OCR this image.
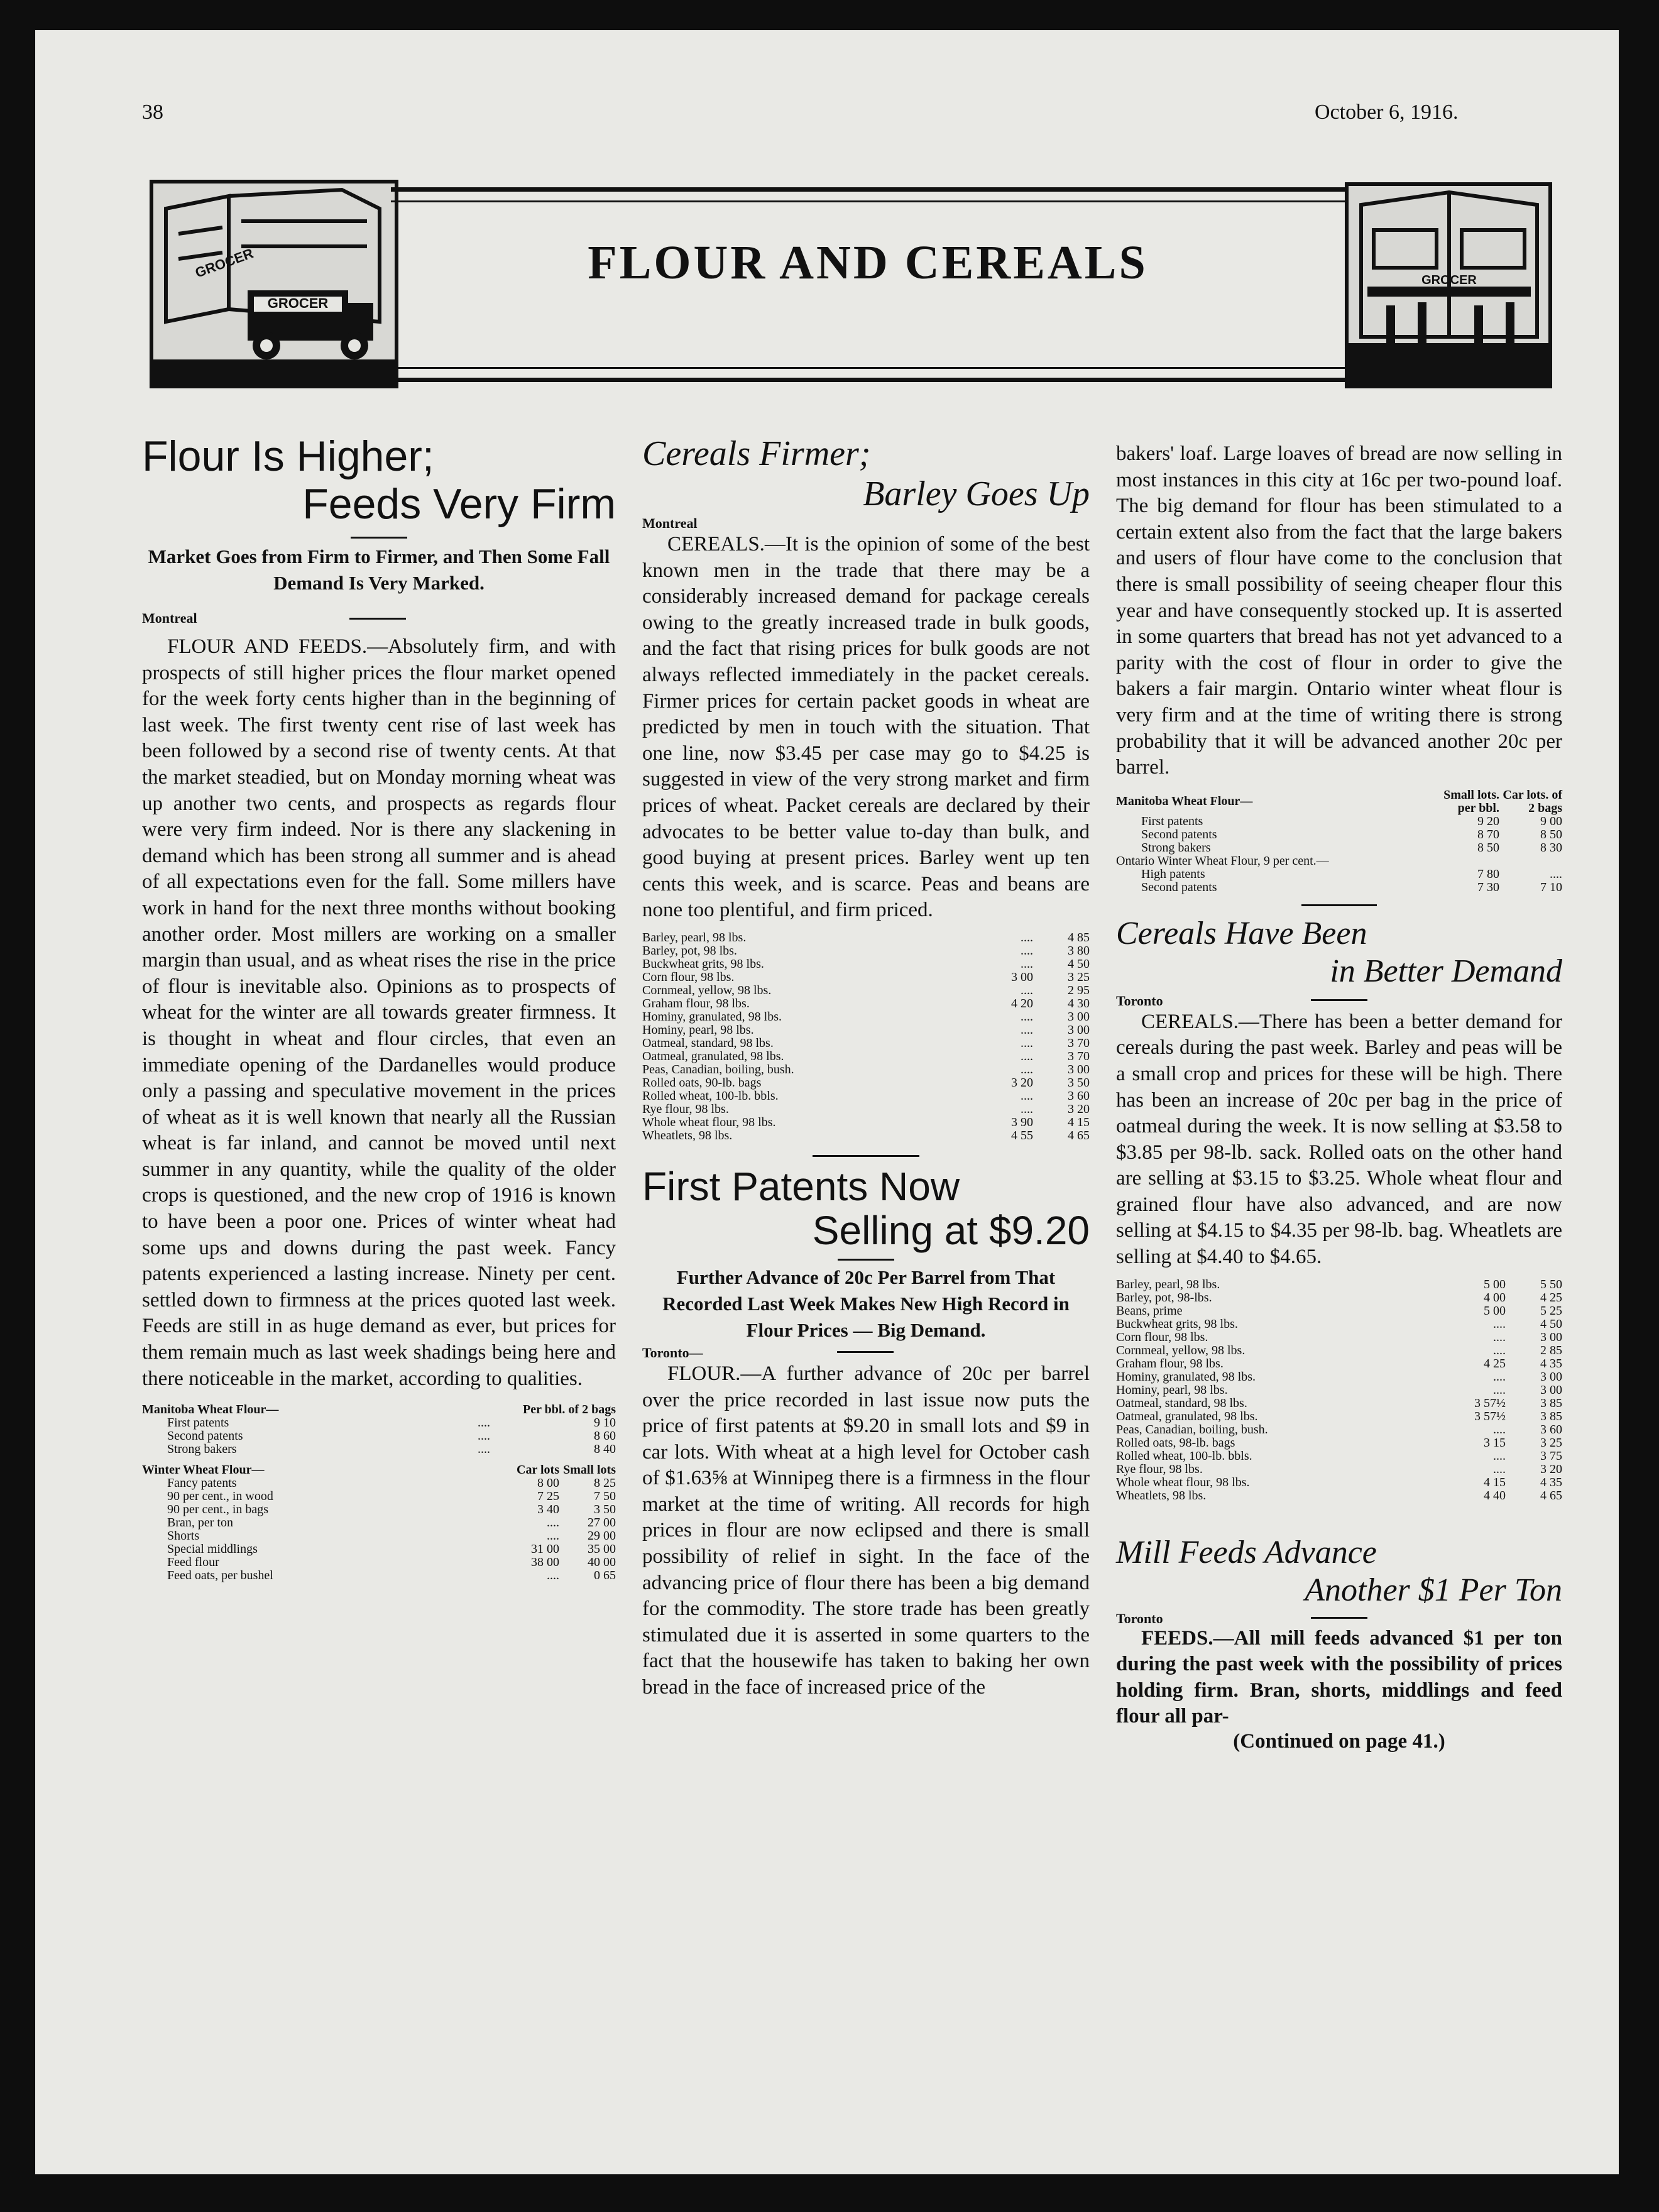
38	October 6, 1916.
GROCER
GROCER	FLOUR AND CEREALS	GROCER
Flour Is Higher;
Feeds Very Firm
Market Goes from Firm to Firmer, and Then Some Fall Demand Is Very Marked.
Montreal

FLOUR AND FEEDS.—Absolutely firm, and with prospects of still higher prices the flour market opened for the week forty cents higher than in the beginning of last week. The first twenty cent rise of last week has been followed by a second rise of twenty cents. At that the market steadied, but on Monday morning wheat was up another two cents, and prospects as regards flour were very firm indeed. Nor is there any slackening in demand which has been strong all summer and is ahead of all expectations even for the fall. Some millers have work in hand for the next three months without booking another order. Most millers are working on a smaller margin than usual, and as wheat rises the rise in the price of flour is inevitable also. Opinions as to prospects of wheat for the winter are all towards greater firmness. It is thought in wheat and flour circles, that even an immediate opening of the Dardanelles would produce only a passing and speculative movement in the prices of wheat as it is well known that nearly all the Russian wheat is far inland, and cannot be moved until next summer in any quantity, while the quality of the older crops is questioned, and the new crop of 1916 is known to have been a poor one. Prices of winter wheat had some ups and downs during the past week. Fancy patents experienced a lasting increase. Ninety per cent. settled down to firmness at the prices quoted last week. Feeds are still in as huge demand as ever, but prices for them remain much as last week shadings being here and there noticeable in the market, according to qualities.

Manitoba Wheat Flour—		Per bbl. of 2 bags
First patents	....	9 10
Second patents	....	8 60
Strong bakers	....	8 40
Winter Wheat Flour—	Car lots	Small lots
Fancy patents	8 00	8 25
90 per cent., in wood	7 25	7 50
90 per cent., in bags	3 40	3 50
Bran, per ton	....	27 00
Shorts	....	29 00
Special middlings	31 00	35 00
Feed flour	38 00	40 00
Feed oats, per bushel	....	0 65
Cereals Firmer;
Barley Goes Up
Montreal

CEREALS.—It is the opinion of some of the best known men in the trade that there may be a considerably increased demand for package cereals owing to the greatly increased trade in bulk goods, and the fact that rising prices for bulk goods are not always reflected immediately in the packet cereals. Firmer prices for certain packet goods in wheat are predicted by men in touch with the situation. That one line, now $3.45 per case may go to $4.25 is suggested in view of the very strong market and firm prices of wheat. Packet cereals are declared by their advocates to be better value to-day than bulk, and good buying at present prices. Barley went up ten cents this week, and is scarce. Peas and beans are none too plentiful, and firm priced.

Barley, pearl, 98 lbs.	....	4 85
Barley, pot, 98 lbs.	....	3 80
Buckwheat grits, 98 lbs.	....	4 50
Corn flour, 98 lbs.	3 00	3 25
Cornmeal, yellow, 98 lbs.	....	2 95
Graham flour, 98 lbs.	4 20	4 30
Hominy, granulated, 98 lbs.	....	3 00
Hominy, pearl, 98 lbs.	....	3 00
Oatmeal, standard, 98 lbs.	....	3 70
Oatmeal, granulated, 98 lbs.	....	3 70
Peas, Canadian, boiling, bush.	....	3 00
Rolled oats, 90-lb. bags	3 20	3 50
Rolled wheat, 100-lb. bbls.	....	3 60
Rye flour, 98 lbs.	....	3 20
Whole wheat flour, 98 lbs.	3 90	4 15
Wheatlets, 98 lbs.	4 55	4 65
First Patents Now
Selling at $9.20
Further Advance of 20c Per Barrel from That Recorded Last Week Makes New High Record in Flour Prices — Big Demand.
Toronto—

FLOUR.—A further advance of 20c per barrel over the price recorded in last issue now puts the price of first patents at $9.20 in small lots and $9 in car lots. With wheat at a high level for October cash of $1.63⅝ at Winnipeg there is a firmness in the flour market at the time of writing. All records for high prices in flour are now eclipsed and there is small possibility of relief in sight. In the face of the advancing price of flour there has been a big demand for the commodity. The store trade has been greatly stimulated due it is asserted in some quarters to the fact that the housewife has taken to baking her own bread in the face of increased price of the

bakers' loaf. Large loaves of bread are now selling in most instances in this city at 16c per two-pound loaf. The big demand for flour has been stimulated to a certain extent also from the fact that the large bakers and users of flour have come to the conclusion that there is small possibility of seeing cheaper flour this year and have consequently stocked up. It is asserted in some quarters that bread has not yet advanced to a parity with the cost of flour in order to give the bakers a fair margin. Ontario winter wheat flour is very firm and at the time of writing there is strong probability that it will be advanced another 20c per barrel.

Manitoba Wheat Flour—	Small lots. per bbl.	Car lots. of 2 bags
First patents	9 20	9 00
Second patents	8 70	8 50
Strong bakers	8 50	8 30
Ontario Winter Wheat Flour, 9 per cent.—		
High patents	7 80	....
Second patents	7 30	7 10
Cereals Have Been
in Better Demand
Toronto

CEREALS.—There has been a better demand for cereals during the past week. Barley and peas will be a small crop and prices for these will be high. There has been an increase of 20c per bag in the price of oatmeal during the week. It is now selling at $3.58 to $3.85 per 98-lb. sack. Rolled oats on the other hand are selling at $3.15 to $3.25. Whole wheat flour and grained flour have also advanced, and are now selling at $4.15 to $4.35 per 98-lb. bag. Wheatlets are selling at $4.40 to $4.65.

Barley, pearl, 98 lbs.	5 00	5 50
Barley, pot, 98-lbs.	4 00	4 25
Beans, prime	5 00	5 25
Buckwheat grits, 98 lbs.	....	4 50
Corn flour, 98 lbs.	....	3 00
Cornmeal, yellow, 98 lbs.	....	2 85
Graham flour, 98 lbs.	4 25	4 35
Hominy, granulated, 98 lbs.	....	3 00
Hominy, pearl, 98 lbs.	....	3 00
Oatmeal, standard, 98 lbs.	3 57½	3 85
Oatmeal, granulated, 98 lbs.	3 57½	3 85
Peas, Canadian, boiling, bush.	....	3 60
Rolled oats, 98-lb. bags	3 15	3 25
Rolled wheat, 100-lb. bbls.	....	3 75
Rye flour, 98 lbs.	....	3 20
Whole wheat flour, 98 lbs.	4 15	4 35
Wheatlets, 98 lbs.	4 40	4 65
Mill Feeds Advance
Another $1 Per Ton
Toronto

FEEDS.—All mill feeds advanced $1 per ton during the past week with the possibility of prices holding firm. Bran, shorts, middlings and feed flour all par-

(Continued on page 41.)
